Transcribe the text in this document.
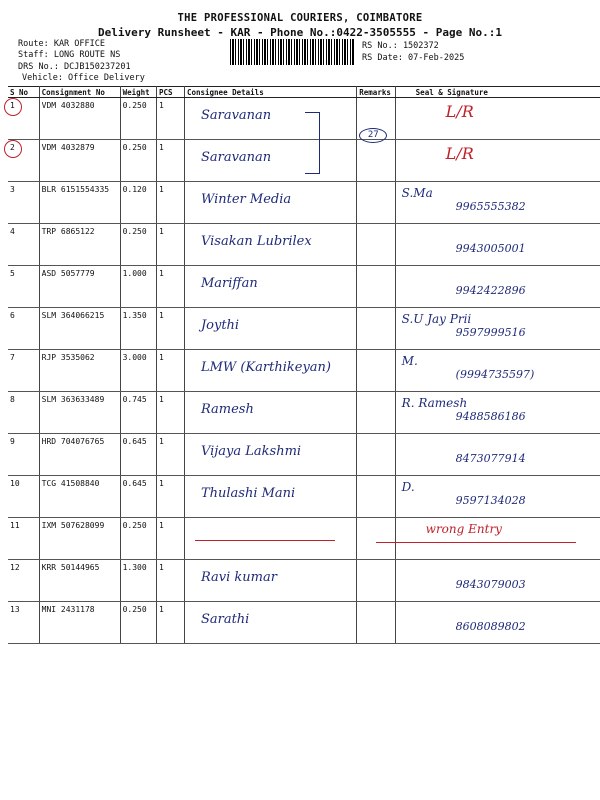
THE PROFESSIONAL COURIERS, COIMBATORE
Delivery Runsheet - KAR - Phone No.:0422-3505555 - Page No.:1
Route: KAR OFFICE
Staff: LONG ROUTE NS
DRS No.: DCJB150237201
Vehicle: Office Delivery
RS No.: 1502372
RS Date: 07-Feb-2025
S No	Consignment No	Weight	PCS	Consignee Details	Remarks	Seal & Signature
1	VDM 4032880	0.250	1	Saravanan		L/R

2	VDM 4032879	0.250	1	Saravanan	27	L/R

3	BLR 6151554335	0.120	1	Winter Media		S.Ma
9965555382

4	TRP 6865122	0.250	1	Visakan Lubrilex		9943005001

5	ASD 5057779	1.000	1	Mariffan		9942422896

6	SLM 364066215	1.350	1	Joythi		S.U Jay Prii
9597999516

7	RJP 3535062	3.000	1	LMW (Karthikeyan)		M.
(9994735597)

8	SLM 363633489	0.745	1	Ramesh		R. Ramesh
9488586186

9	HRD 704076765	0.645	1	Vijaya Lakshmi		8473077914

10	TCG 41508840	0.645	1	Thulashi Mani		D.
9597134028

11	IXM 507628099	0.250	1			wrong Entry

12	KRR 50144965	1.300	1	Ravi kumar		9843079003

13	MNI 2431178	0.250	1	Sarathi		8608089802
